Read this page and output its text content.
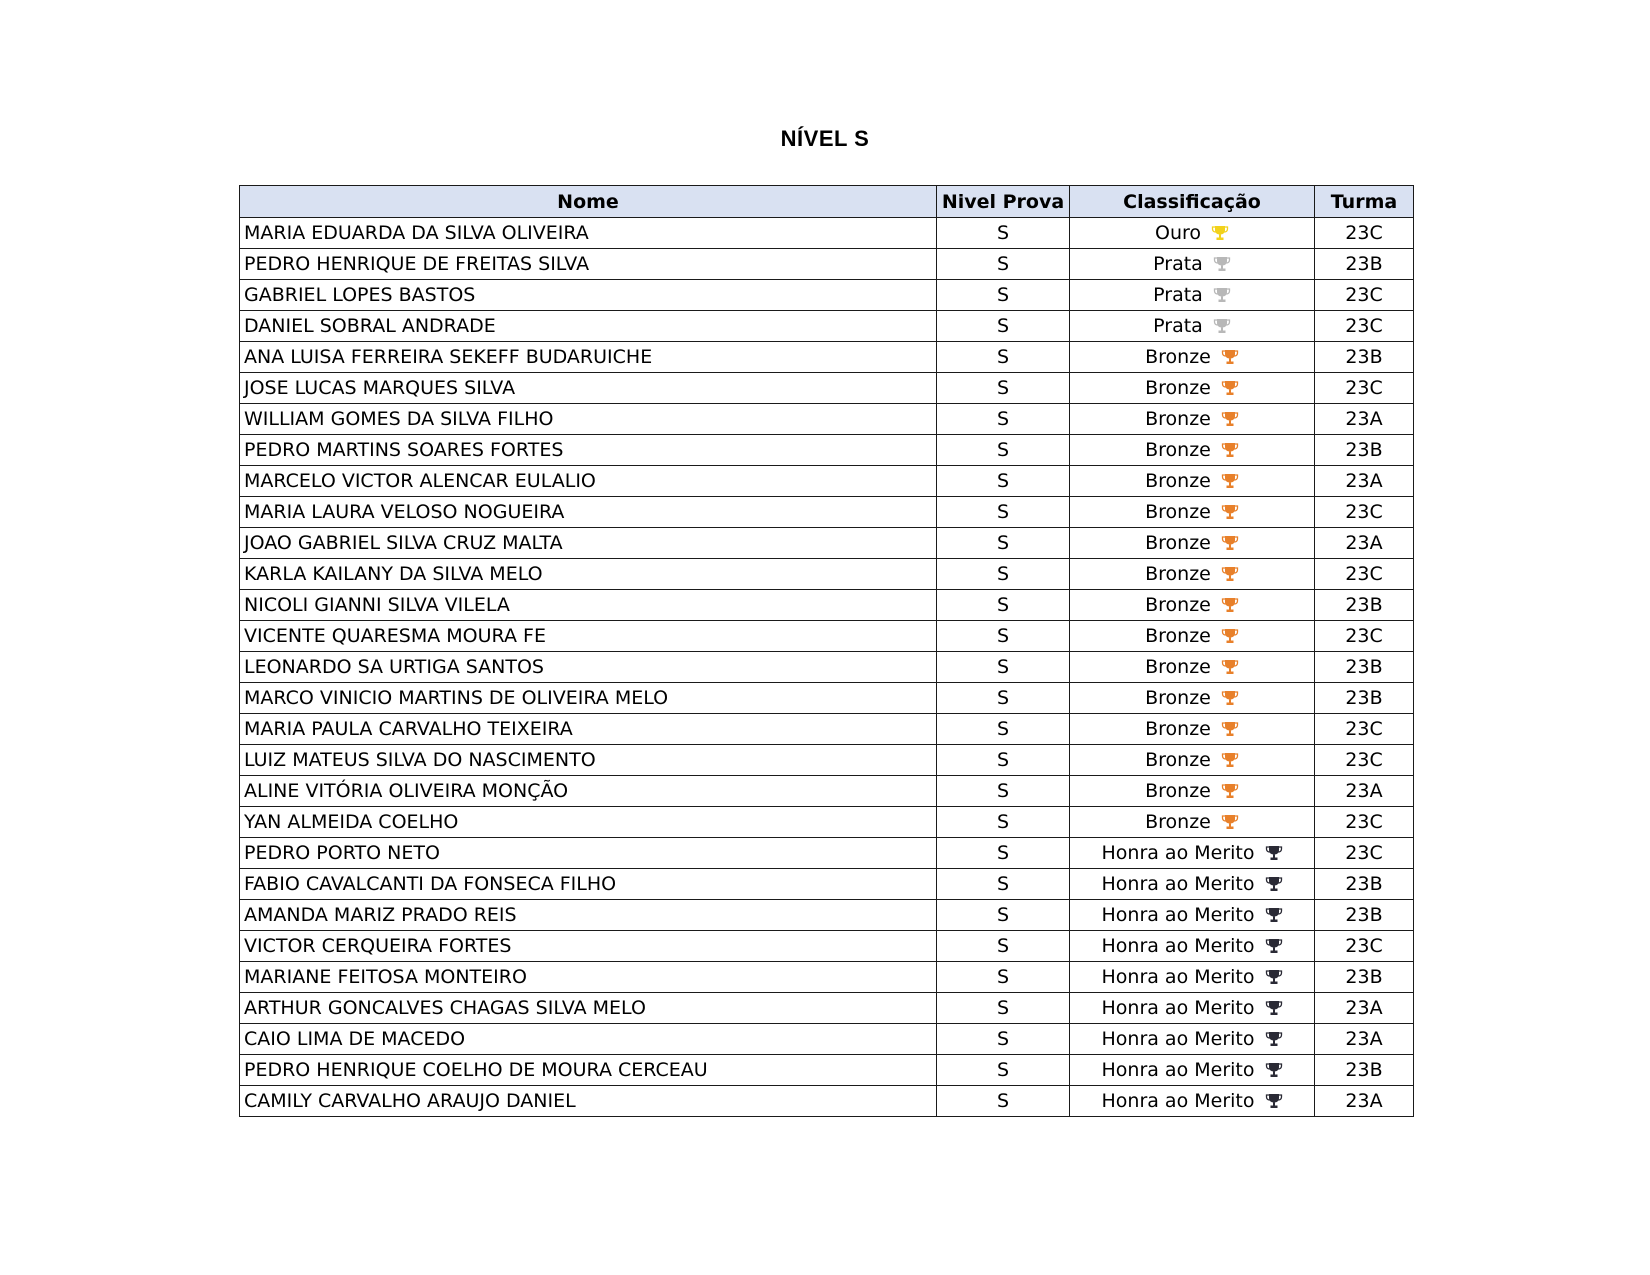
NÍVEL S
Nome	Nivel Prova	Classificação	Turma
MARIA EDUARDA DA SILVA OLIVEIRA	S	Ouro	23C
PEDRO HENRIQUE DE FREITAS SILVA	S	Prata	23B
GABRIEL LOPES BASTOS	S	Prata	23C
DANIEL SOBRAL ANDRADE	S	Prata	23C
ANA LUISA FERREIRA SEKEFF BUDARUICHE	S	Bronze	23B
JOSE LUCAS MARQUES SILVA	S	Bronze	23C
WILLIAM GOMES DA SILVA FILHO	S	Bronze	23A
PEDRO MARTINS SOARES FORTES	S	Bronze	23B
MARCELO VICTOR ALENCAR EULALIO	S	Bronze	23A
MARIA LAURA VELOSO NOGUEIRA	S	Bronze	23C
JOAO GABRIEL SILVA CRUZ MALTA	S	Bronze	23A
KARLA KAILANY DA SILVA MELO	S	Bronze	23C
NICOLI GIANNI SILVA VILELA	S	Bronze	23B
VICENTE QUARESMA MOURA FE	S	Bronze	23C
LEONARDO SA URTIGA SANTOS	S	Bronze	23B
MARCO VINICIO MARTINS DE OLIVEIRA MELO	S	Bronze	23B
MARIA PAULA CARVALHO TEIXEIRA	S	Bronze	23C
LUIZ MATEUS SILVA DO NASCIMENTO	S	Bronze	23C
ALINE VITÓRIA OLIVEIRA MONÇÃO	S	Bronze	23A
YAN ALMEIDA COELHO	S	Bronze	23C
PEDRO PORTO NETO	S	Honra ao Merito	23C
FABIO CAVALCANTI DA FONSECA FILHO	S	Honra ao Merito	23B
AMANDA MARIZ PRADO REIS	S	Honra ao Merito	23B
VICTOR CERQUEIRA FORTES	S	Honra ao Merito	23C
MARIANE FEITOSA MONTEIRO	S	Honra ao Merito	23B
ARTHUR GONCALVES CHAGAS SILVA MELO	S	Honra ao Merito	23A
CAIO LIMA DE MACEDO	S	Honra ao Merito	23A
PEDRO HENRIQUE COELHO DE MOURA CERCEAU	S	Honra ao Merito	23B
CAMILY CARVALHO ARAUJO DANIEL	S	Honra ao Merito	23A
